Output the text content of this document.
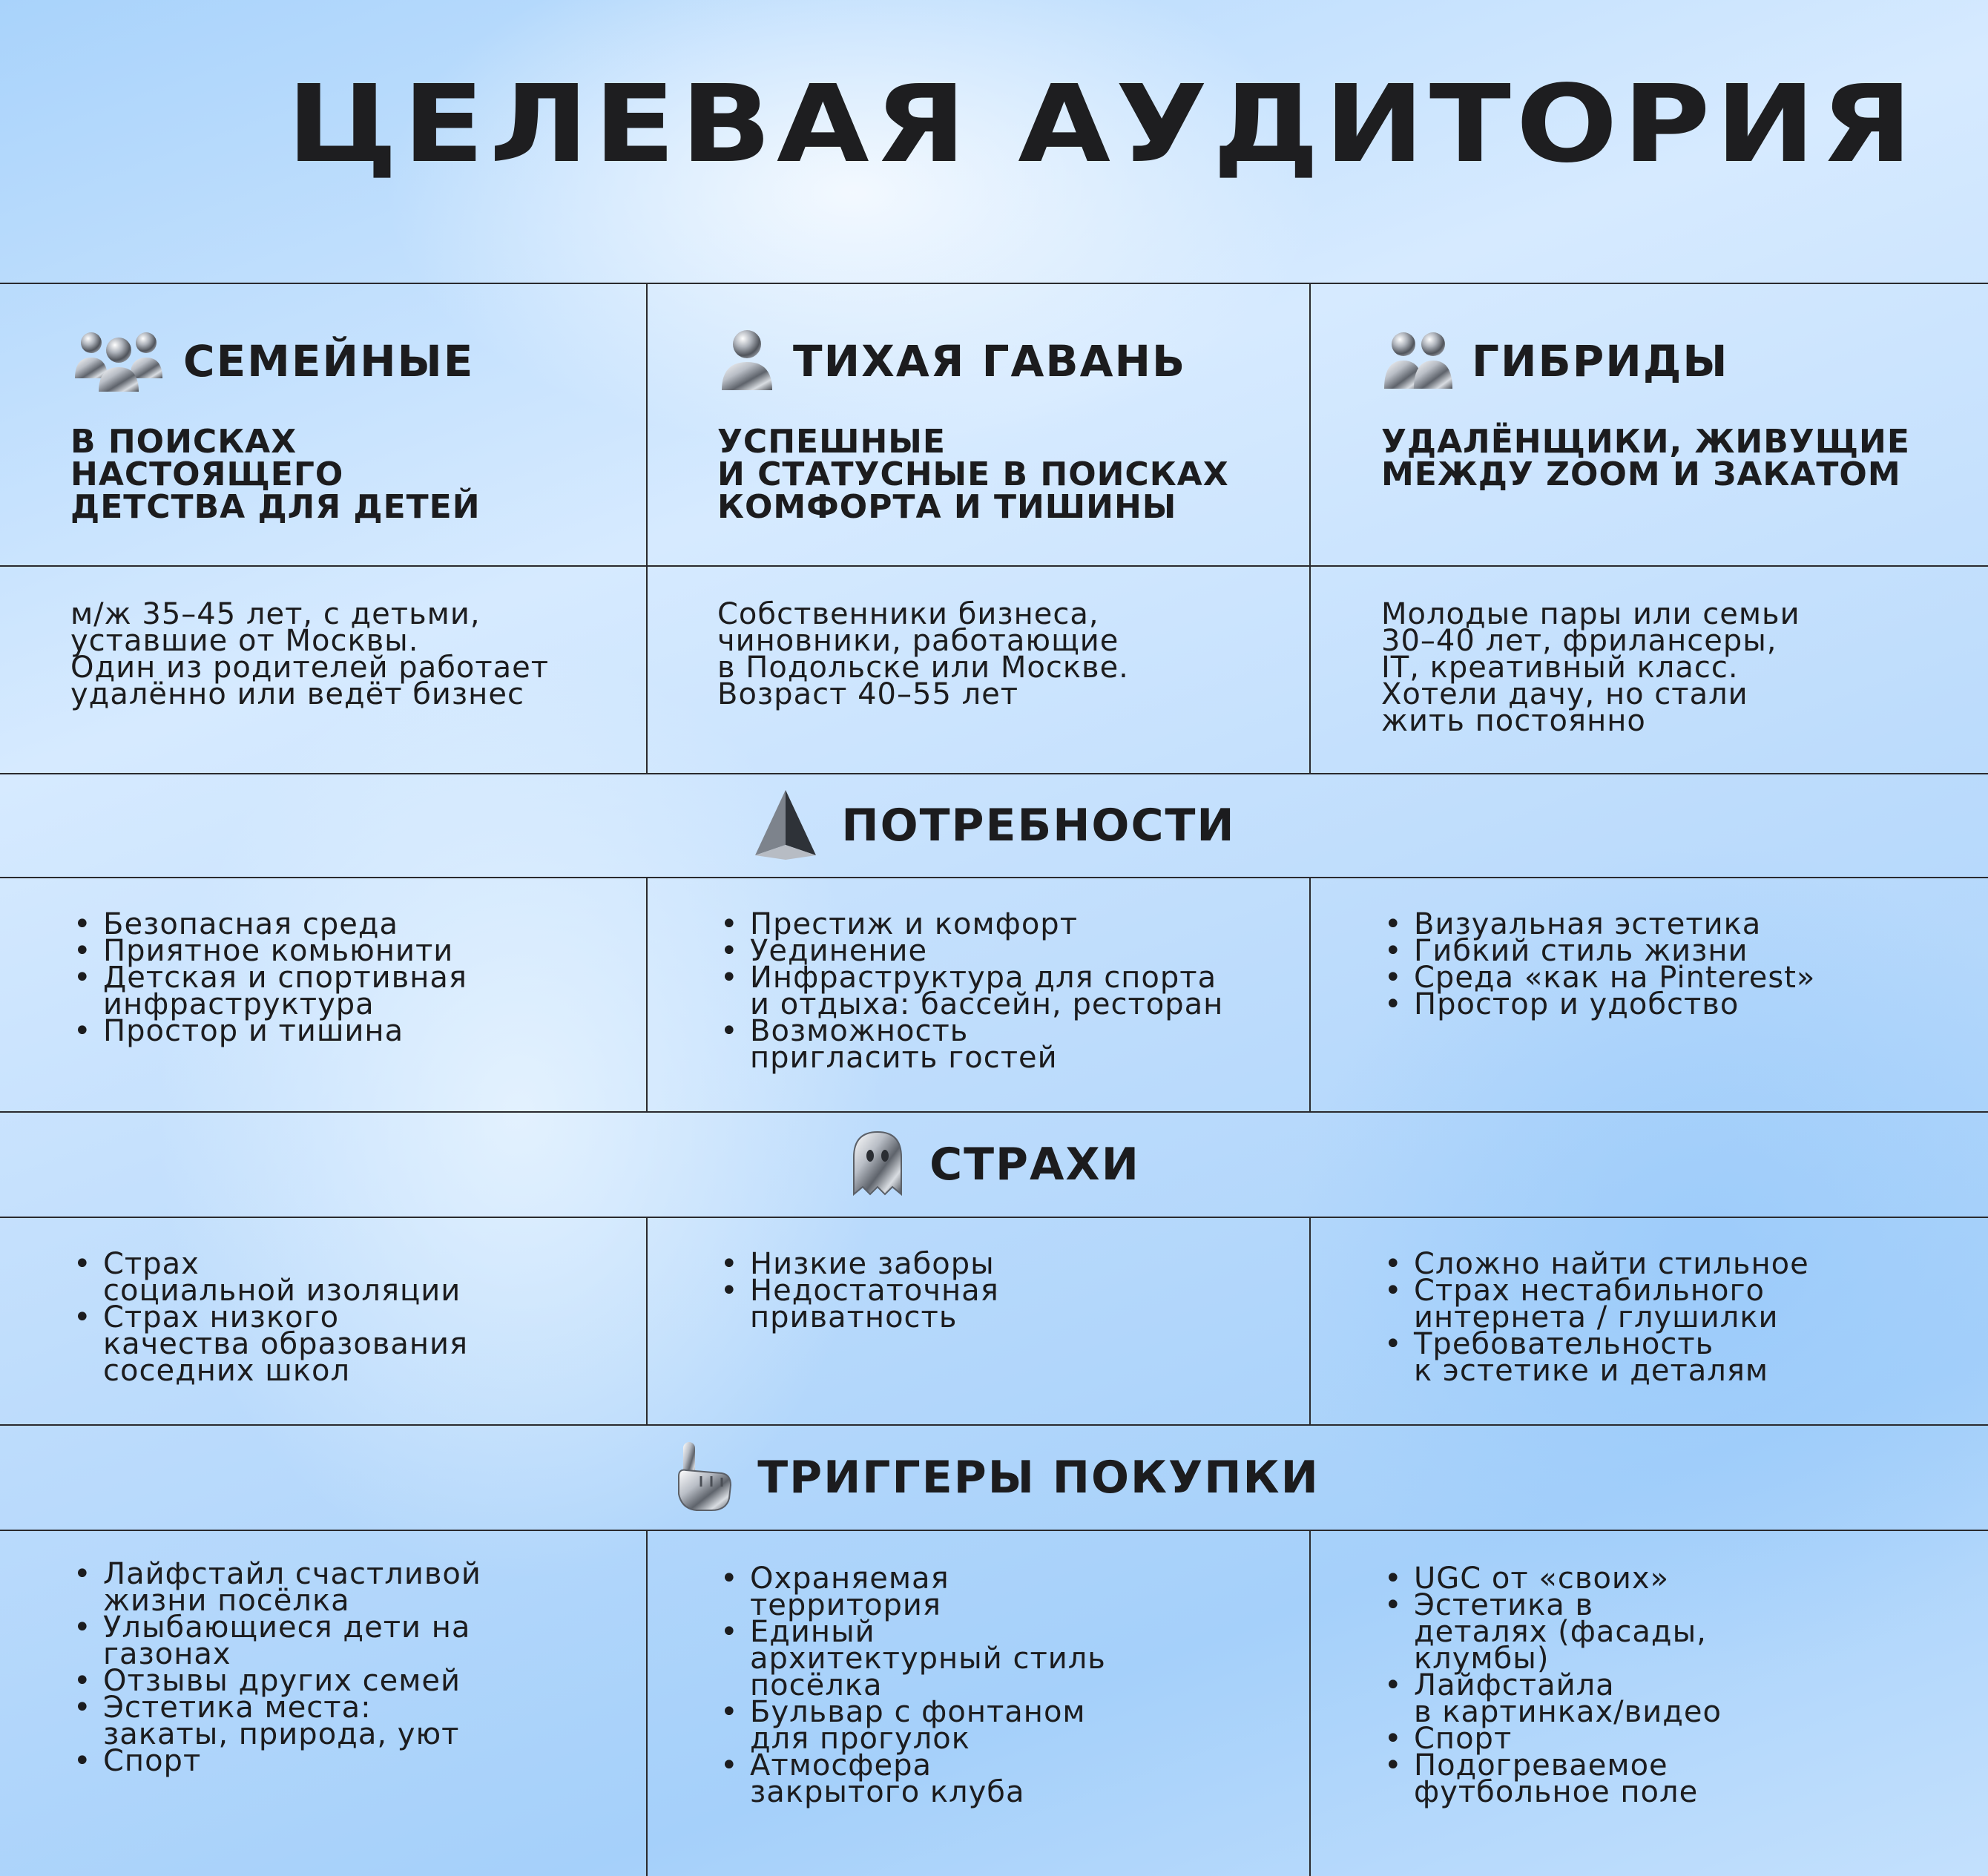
ЦЕЛЕВАЯ АУДИТОРИЯ
СЕМЕЙНЫЕ
В ПОИСКАХ
НАСТОЯЩЕГО
ДЕТСТВА ДЛЯ ДЕТЕЙ
ТИХАЯ ГАВАНЬ
УСПЕШНЫЕ
И СТАТУСНЫЕ В ПОИСКАХ
КОМФОРТА И ТИШИНЫ
ГИБРИДЫ
УДАЛЁНЩИКИ, ЖИВУЩИЕ
МЕЖДУ ZOOM И ЗАКАТОМ
м/ж 35–45 лет, с детьми,
уставшие от Москвы.
Один из родителей работает
удалённо или ведёт бизнес
Собственники бизнеса,
чиновники, работающие
в Подольске или Москве.
Возраст 40–55 лет
Молодые пары или семьи
30–40 лет, фрилансеры,
IT, креативный класс.
Хотели дачу, но стали
жить постоянно
ПОТРЕБНОСТИ
• Безопасная среда
• Приятное комьюнити
• Детская и спортивная
инфраструктура
• Простор и тишина
• Престиж и комфорт
• Уединение
• Инфраструктура для спорта
и отдыха: бассейн, ресторан
• Возможность
пригласить гостей
• Визуальная эстетика
• Гибкий стиль жизни
• Среда «как на Pinterest»
• Простор и удобство
СТРАХИ
• Страх
социальной изоляции
• Страх низкого
качества образования
соседних школ
• Низкие заборы
• Недостаточная
приватность
• Сложно найти стильное
• Страх нестабильного
интернета / глушилки
• Требовательность
к эстетике и деталям
ТРИГГЕРЫ ПОКУПКИ
• Лайфстайл счастливой
жизни посёлка
• Улыбающиеся дети на
газонах
• Отзывы других семей
• Эстетика места:
закаты, природа, уют
• Спорт
• Охраняемая
территория
• Единый
архитектурный стиль
посёлка
• Бульвар с фонтаном
для прогулок
• Атмосфера
закрытого клуба
• UGC от «своих»
• Эстетика в
деталях (фасады,
клумбы)
• Лайфстайла
в картинках/видео
• Спорт
• Подогреваемое
футбольное поле
